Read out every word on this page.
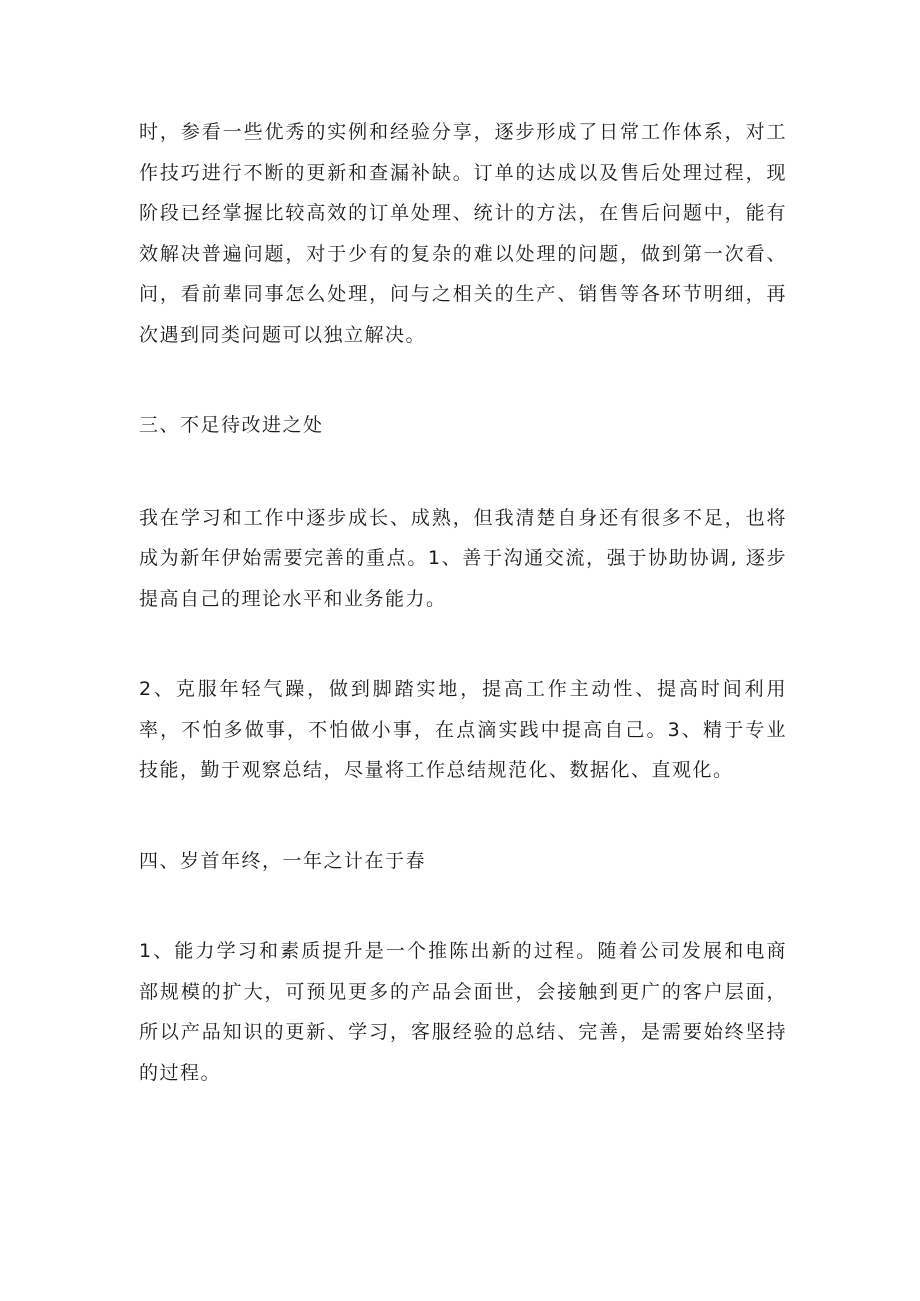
时，参看一些优秀的实例和经验分享，逐步形成了日常工作体系，对工作技巧进行不断的更新和查漏补缺。订单的达成以及售后处理过程，现阶段已经掌握比较高效的订单处理、统计的方法，在售后问题中，能有效解决普遍问题，对于少有的复杂的难以处理的问题，做到第一次看、问，看前辈同事怎么处理，问与之相关的生产、销售等各环节明细，再次遇到同类问题可以独立解决。

三、不足待改进之处

我在学习和工作中逐步成长、成熟，但我清楚自身还有很多不足，也将成为新年伊始需要完善的重点。1、善于沟通交流，强于协助协调, 逐步提高自己的理论水平和业务能力。

2、克服年轻气躁，做到脚踏实地，提高工作主动性、提高时间利用率，不怕多做事，不怕做小事，在点滴实践中提高自己。3、精于专业技能，勤于观察总结，尽量将工作总结规范化、数据化、直观化。

四、岁首年终，一年之计在于春

1、能力学习和素质提升是一个推陈出新的过程。随着公司发展和电商部规模的扩大，可预见更多的产品会面世，会接触到更广的客户层面，所以产品知识的更新、学习，客服经验的总结、完善，是需要始终坚持的过程。
